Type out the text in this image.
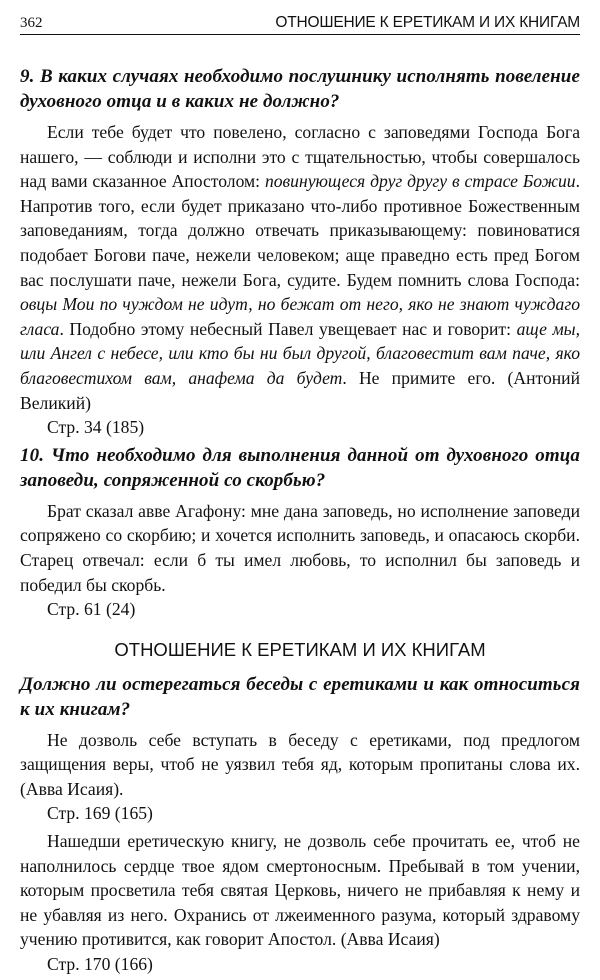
362	ОТНОШЕНИЕ К ЕРЕТИКАМ И ИХ КНИГАМ

9. В каких случаях необходимо послушнику исполнять повеление духовного отца и в каких не должно?

Если тебе будет что повелено, согласно с заповедями Господа Бога нашего, — соблюди и исполни это с тщательностью, чтобы совершалось над вами сказанное Апостолом: повинующеся друг другу в страсе Божии. Напротив того, если будет приказано что-либо противное Божественным заповеданиям, тогда должно отвечать приказывающему: повиноватися подобает Богови паче, нежели человеком; аще праведно есть пред Богом вас послушати паче, нежели Бога, судите. Будем помнить слова Господа: овцы Мои по чуждом не идут, но бежат от него, яко не знают чуждаго гласа. Подобно этому небесный Павел увещевает нас и говорит: аще мы, или Ангел с небесе, или кто бы ни был другой, благовестит вам паче, яко благовестихом вам, анафема да будет. Не примите его. (Антоний Великий)

Стр. 34 (185)

10. Что необходимо для выполнения данной от духовного отца заповеди, сопряженной со скорбью?

Брат сказал авве Агафону: мне дана заповедь, но исполнение заповеди сопряжено со скорбию; и хочется исполнить заповедь, и опасаюсь скорби. Старец отвечал: если б ты имел любовь, то исполнил бы заповедь и победил бы скорбь.

Стр. 61 (24)

ОТНОШЕНИЕ К ЕРЕТИКАМ И ИХ КНИГАМ

Должно ли остерегаться беседы с еретиками и как относиться к их книгам?

Не дозволь себе вступать в беседу с еретиками, под предлогом защищения веры, чтоб не уязвил тебя яд, которым пропитаны слова их. (Авва Исаия).

Стр. 169 (165)

Нашедши еретическую книгу, не дозволь себе прочитать ее, чтоб не наполнилось сердце твое ядом смертоносным. Пребывай в том учении, которым просветила тебя святая Церковь, ничего не прибавляя к нему и не убавляя из него. Охранись от лжеименного разума, который здравому учению противится, как говорит Апостол. (Авва Исаия)

Стр. 170 (166)
